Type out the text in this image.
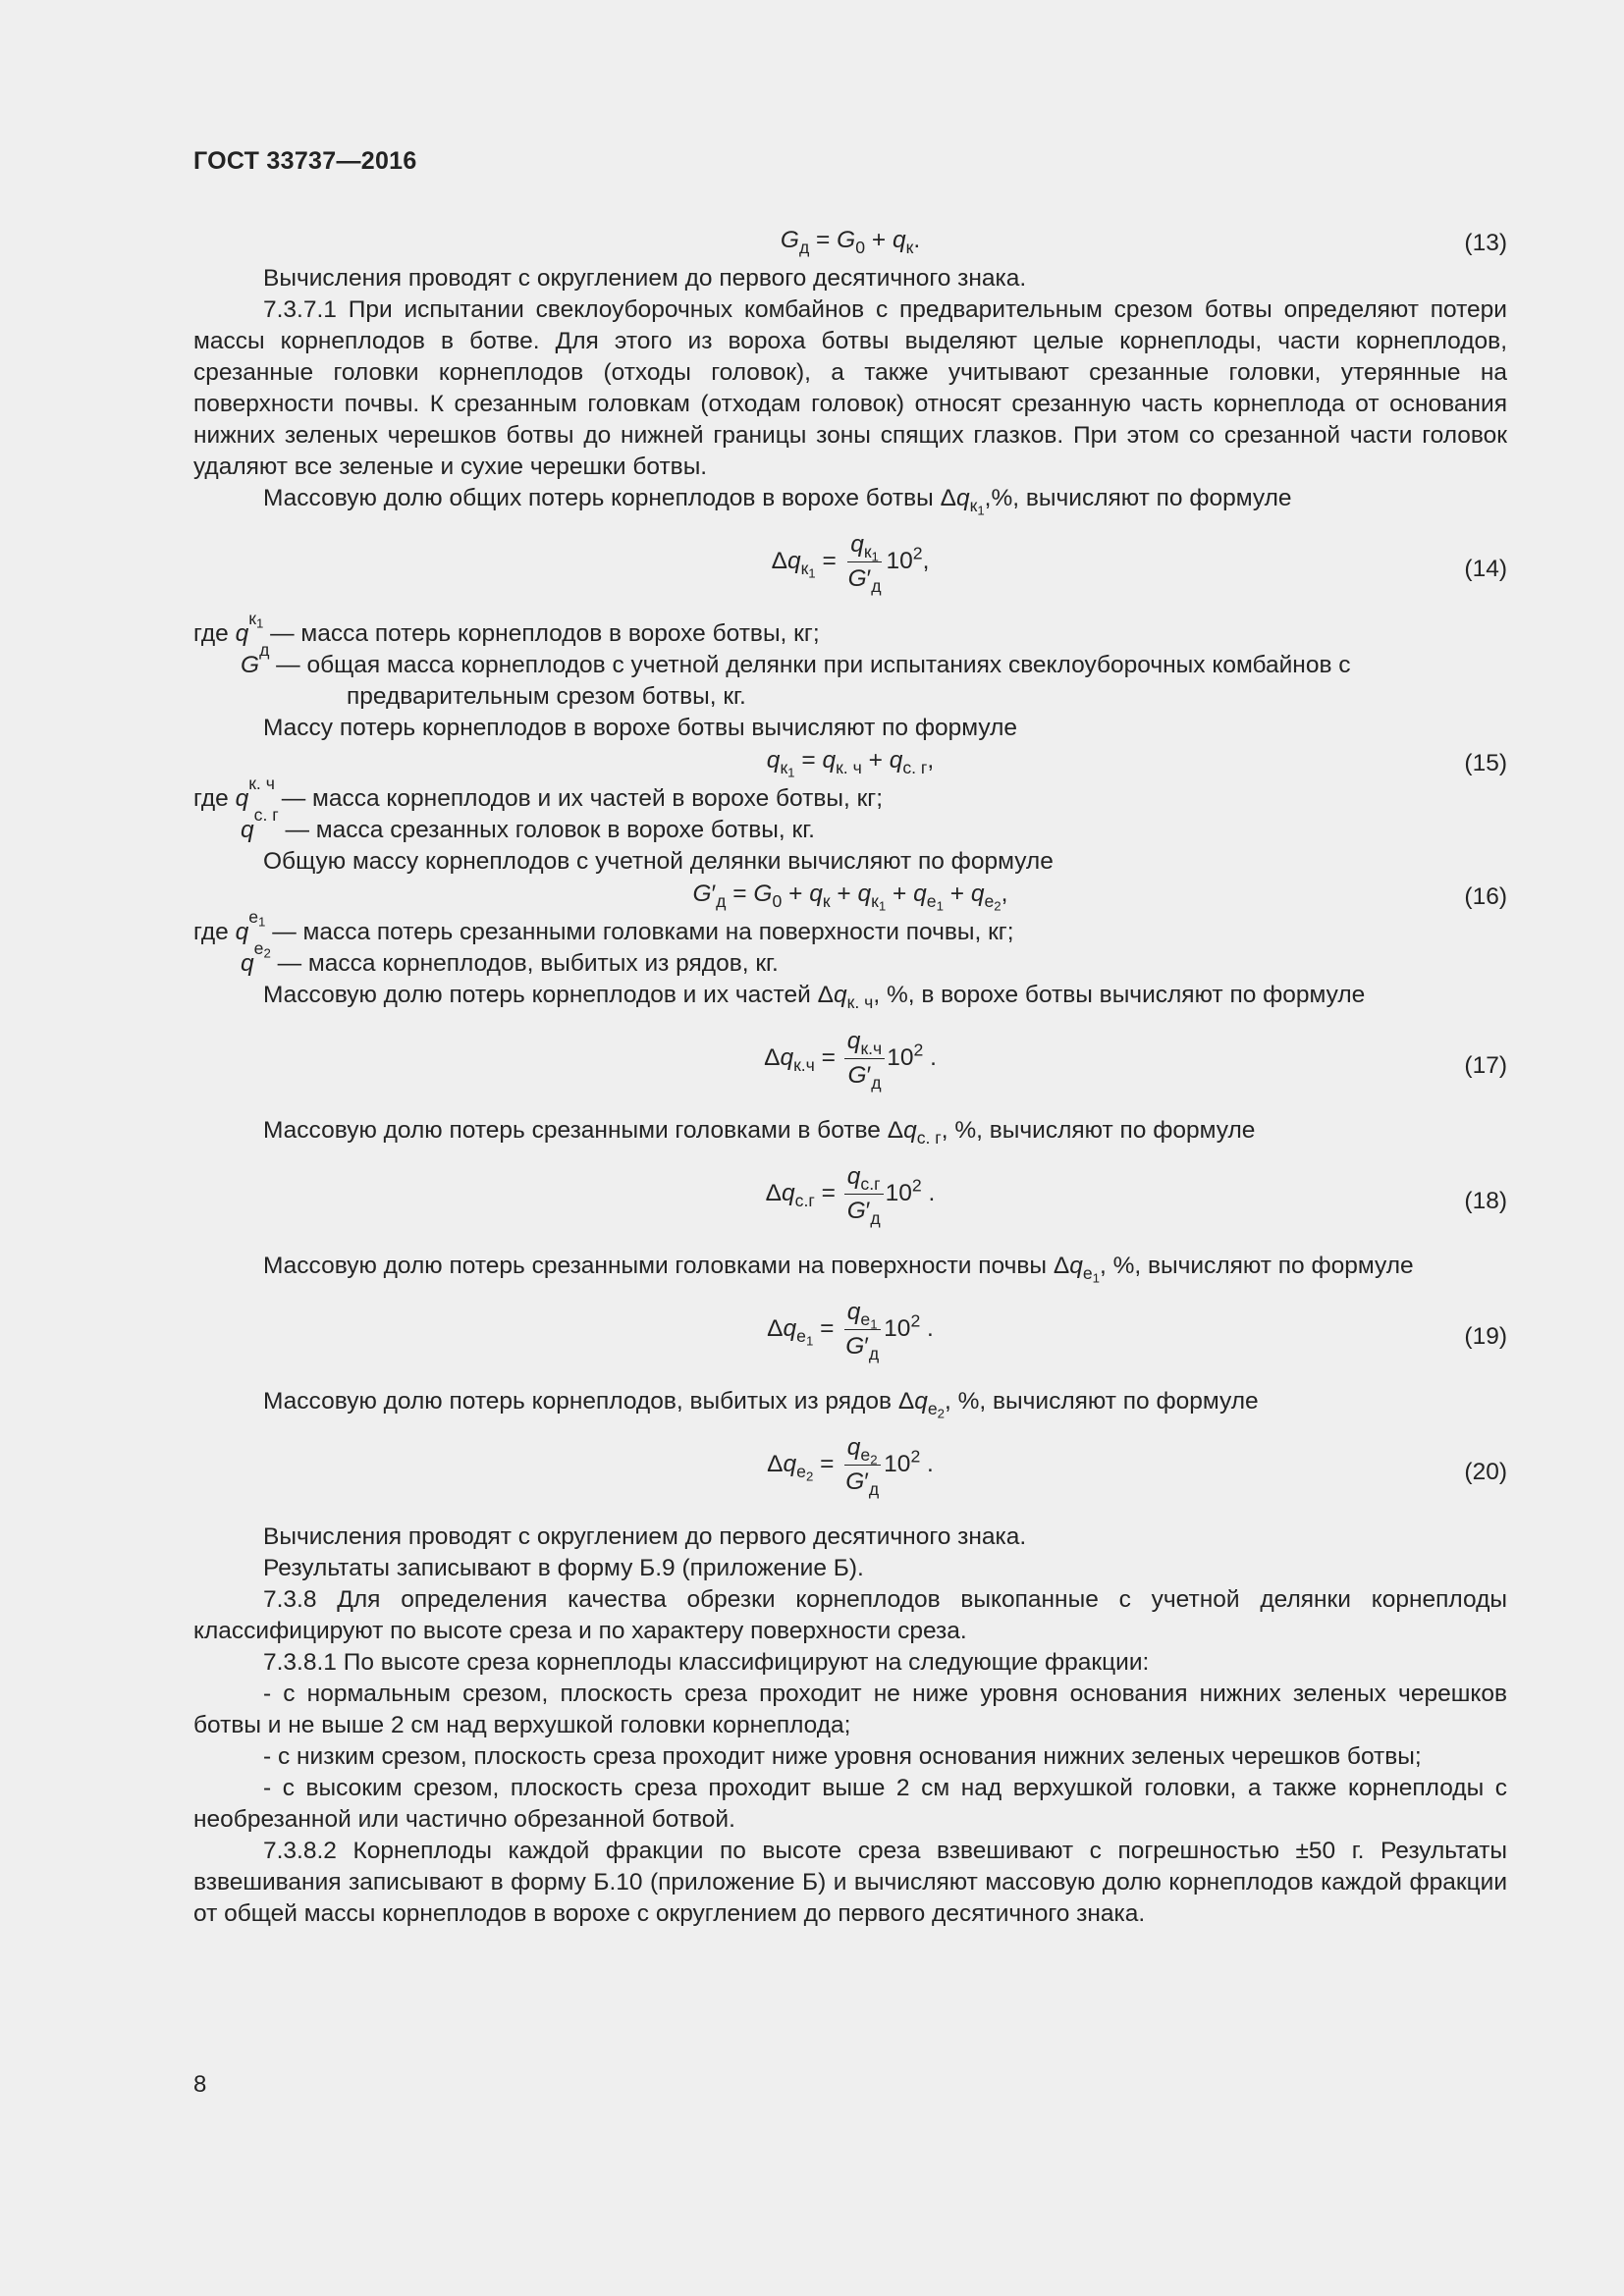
ГОСТ 33737—2016
$G_д = G_0 + q_к$.	(13)

Вычисления проводят с округлением до первого десятичного знака.

7.3.7.1 При испытании свеклоуборочных комбайнов с предварительным срезом ботвы определяют потери массы корнеплодов в ботве. Для этого из вороха ботвы выделяют целые корнеплоды, части корнеплодов, срезанные головки корнеплодов (отходы головок), а также учитывают срезанные головки, утерянные на поверхности почвы. К срезанным головкам (отходам головок) относят срезанную часть корнеплода от основания нижних зеленых черешков ботвы до нижней границы зоны спящих глазков. При этом со срезанной части головок удаляют все зеленые и сухие черешки ботвы.

Массовую долю общих потерь корнеплодов в ворохе ботвы $\Delta q_{к_1},\%$, вычисляют по формуле

$\Delta q_{к_1} = \frac{q_{к_1}}{G'_д} 10^2$,	(14)
где q
$к_1$
— масса потерь корнеплодов в ворохе ботвы, кг;
G
д

— общая масса корнеплодов с учетной делянки при испытаниях свеклоуборочных комбайнов с
предварительным срезом ботвы, кг.

Массу потерь корнеплодов в ворохе ботвы вычисляют по формуле

$q_{к_1} = q_{к. ч} + q_{с. г}$,	(15)
где q
к. ч

— масса корнеплодов и их частей в ворохе ботвы, кг;
q
с. г

— масса срезанных головок в ворохе ботвы, кг.

Общую массу корнеплодов с учетной делянки вычисляют по формуле

$G'_д = G_0 + q_к + q_{к_1} + q_{e_1} + q_{e_2}$,	(16)
где q
$e_1$
— масса потерь срезанными головками на поверхности почвы, кг;
q
$e_2$
— масса корнеплодов, выбитых из рядов, кг.

Массовую долю потерь корнеплодов и их частей $\Delta q_{к. ч}$, %, в ворохе ботвы вычисляют по формуле

$\Delta q_{к.ч} = \frac{q_{к.ч}}{G'_д} 10^2$ .	(17)

Массовую долю потерь срезанными головками в ботве $\Delta q_{с. г}$, %, вычисляют по формуле

$\Delta q_{с.г} = \frac{q_{с.г}}{G'_д} 10^2$ .	(18)

Массовую долю потерь срезанными головками на поверхности почвы $\Delta q_{e_1}$, %, вычисляют по формуле

$\Delta q_{e_1} = \frac{q_{e_1}}{G'_д} 10^2$ .	(19)

Массовую долю потерь корнеплодов, выбитых из рядов $\Delta q_{e_2}$, %, вычисляют по формуле

$\Delta q_{e_2} = \frac{q_{e_2}}{G'_д} 10^2$ .	(20)

Вычисления проводят с округлением до первого десятичного знака.

Результаты записывают в форму Б.9 (приложение Б).

7.3.8 Для определения качества обрезки корнеплодов выкопанные с учетной делянки корнеплоды классифицируют по высоте среза и по характеру поверхности среза.

7.3.8.1 По высоте среза корнеплоды классифицируют на следующие фракции:

- с нормальным срезом, плоскость среза проходит не ниже уровня основания нижних зеленых черешков ботвы и не выше 2 см над верхушкой головки корнеплода;

- с низким срезом, плоскость среза проходит ниже уровня основания нижних зеленых черешков ботвы;

- с высоким срезом, плоскость среза проходит выше 2 см над верхушкой головки, а также корнеплоды с необрезанной или частично обрезанной ботвой.

7.3.8.2 Корнеплоды каждой фракции по высоте среза взвешивают с погрешностью ±50 г. Результаты взвешивания записывают в форму Б.10 (приложение Б) и вычисляют массовую долю корнеплодов каждой фракции от общей массы корнеплодов в ворохе с округлением до первого десятичного знака.

8
